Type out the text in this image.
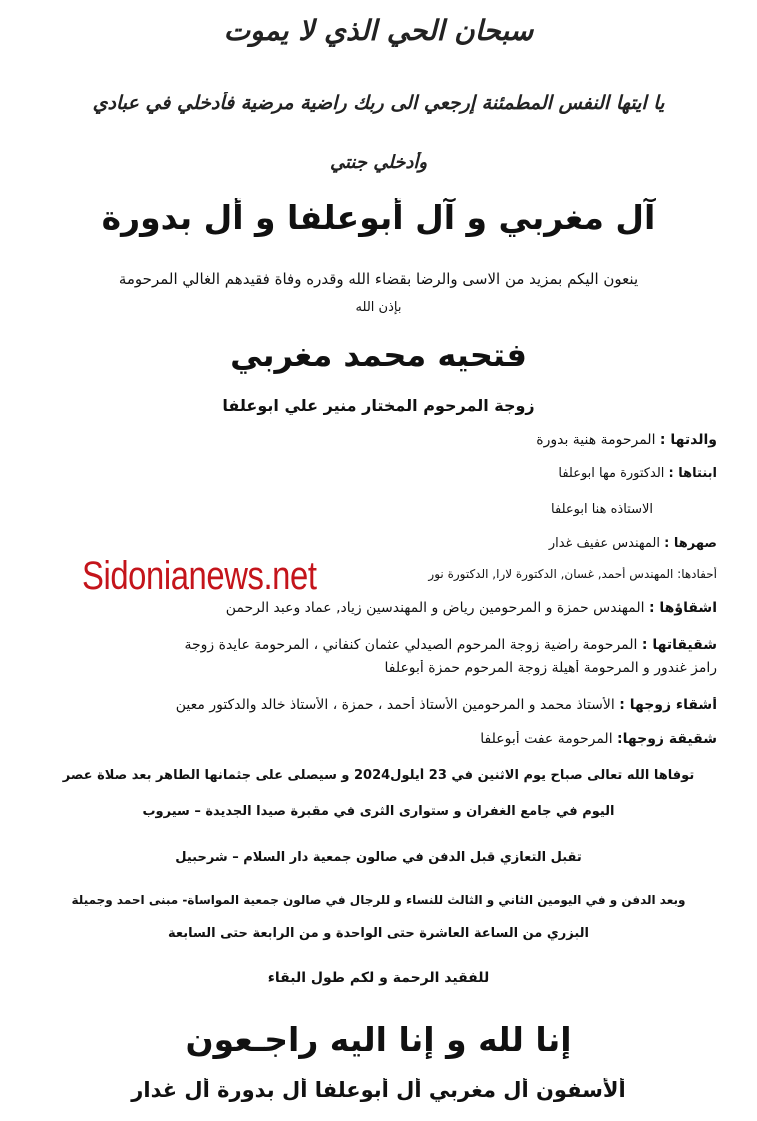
سبحان الحي الذي لا يموت
يا ايتها النفس المطمئنة إرجعي الى ربك راضية مرضية فأدخلي في عبادي
وأدخلي جنتي
آل مغربي و آل أبوعلفا و أل بدورة
ينعون اليكم بمزيد من الاسى والرضا بقضاء الله وقدره وفاة فقيدهم الغالي المرحومة
بإذن الله
فتحيه محمد مغربي
زوجة المرحوم المختار منير علي ابوعلفا
والدتها : المرحومة هنية بدورة
ابنتاها : الدكتورة مها ابوعلفا
الاستاذه هنا ابوعلفا
صهرها : المهندس عفيف غدار
أحفادها: المهندس أحمد, غسان, الدكتورة لارا, الدكتورة نور
Sidonianews.net
اشقاؤها : المهندس حمزة و المرحومين رياض و المهندسين زياد, عماد وعبد الرحمن
شقيقاتها : المرحومة راضية زوجة المرحوم الصيدلي عثمان كنفاني ، المرحومة عايدة زوجة
رامز غندور و المرحومة أهيلة زوجة المرحوم حمزة أبوعلفا
أشقاء زوجها : الأستاذ محمد و المرحومين الأستاذ أحمد ، حمزة ، الأستاذ خالد والدكتور معين
شقيقة زوجها: المرحومة عفت أبوعلفا
توفاها الله تعالى صباح يوم الاثنين في 23 أيلول2024 و سيصلى على جثمانها الطاهر بعد صلاة عصر
اليوم في جامع الغفران و ستوارى الثرى في مقبرة صيدا الجديدة – سيروب
تقبل التعازي قبل الدفن في صالون جمعية دار السلام – شرحبيل
وبعد الدفن و في اليومين الثاني و الثالث للنساء و للرجال في صالون جمعية المواساة- مبنى احمد وجميلة
البزري من الساعة العاشرة حتى الواحدة و من الرابعة حتى السابعة
للفقيد الرحمة و لكم طول البقاء
إنا لله و إنا اليه راجـعون
ألأسفون أل مغربي أل أبوعلفا أل بدورة أل غدار
